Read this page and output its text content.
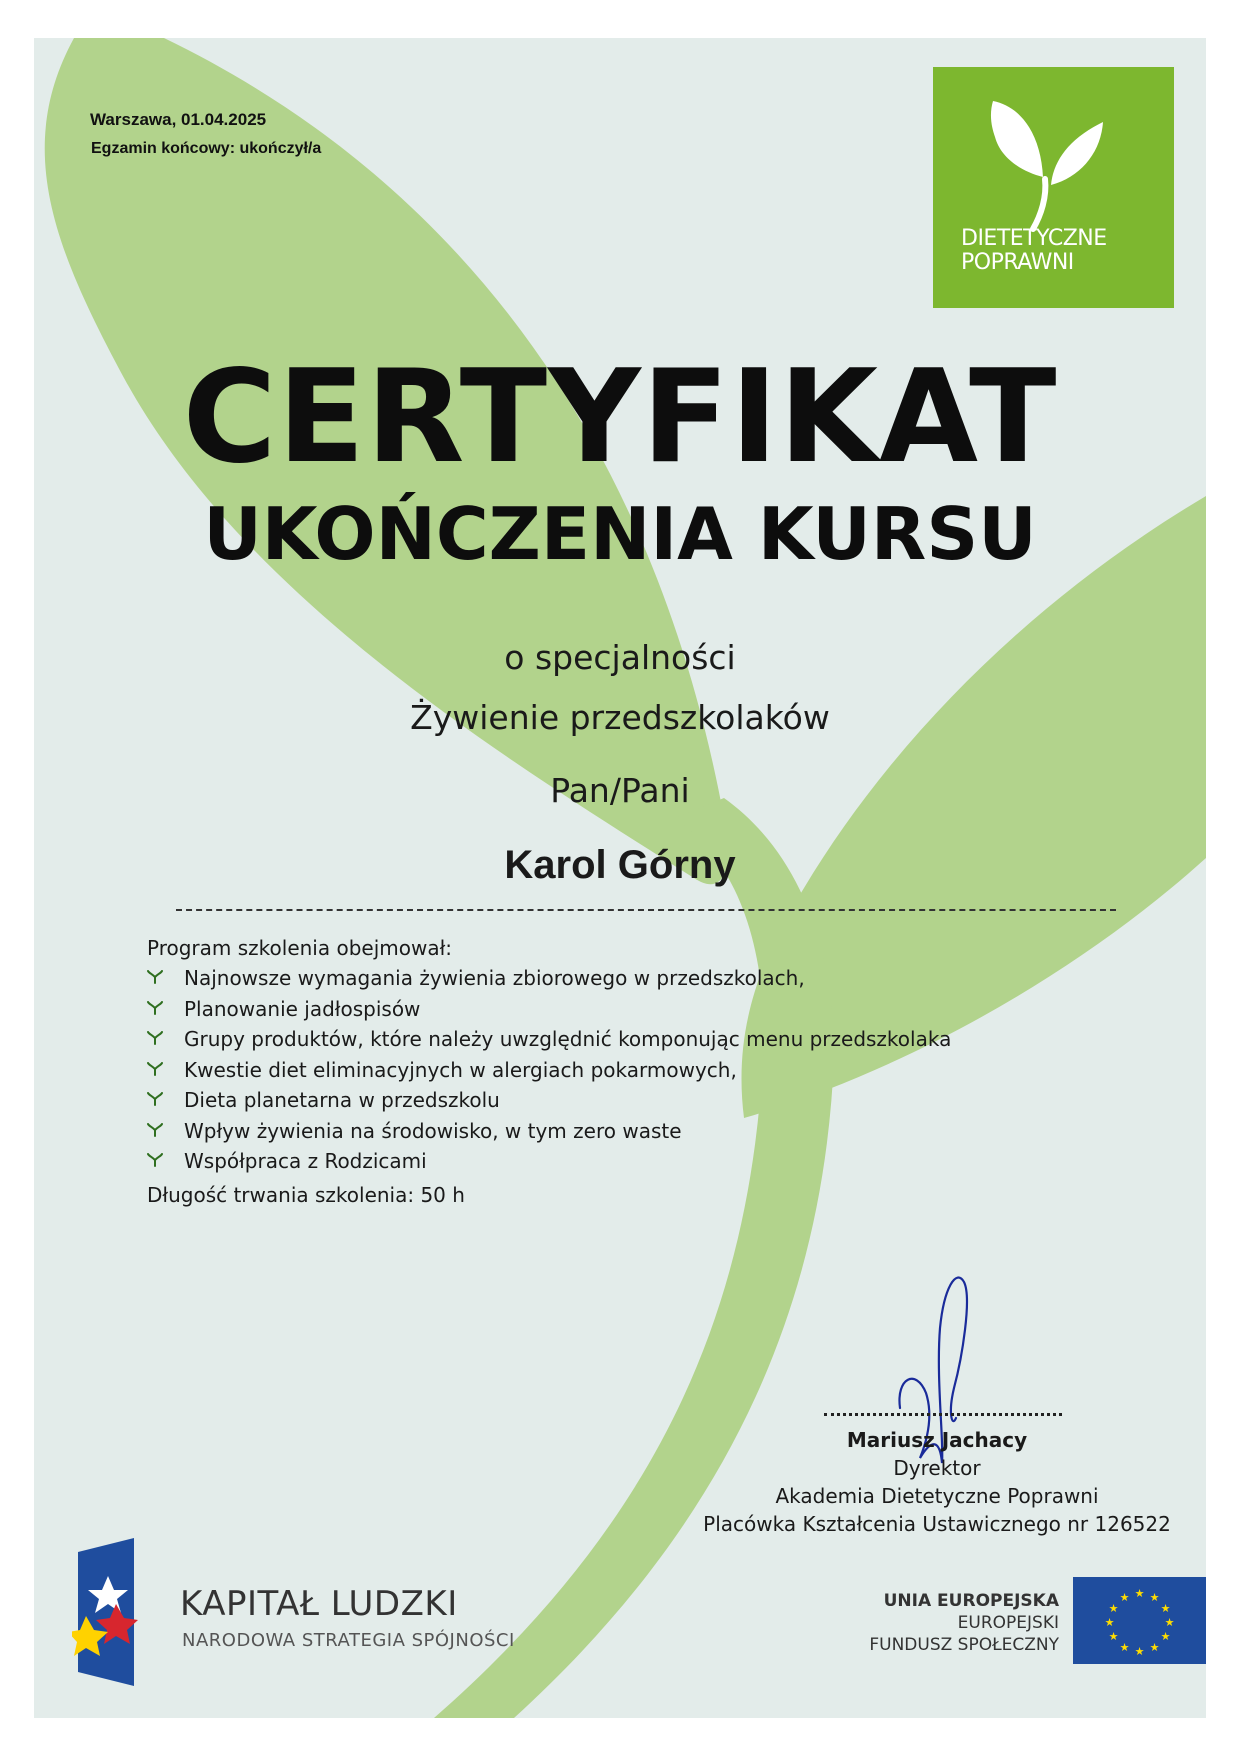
Warszawa, 01.04.2025
Egzamin końcowy: ukończył/a
DIETETYCZNE
POPRAWNI
CERTYFIKAT
UKOŃCZENIA KURSU
o specjalności
Żywienie przedszkolaków
Pan/Pani
Karol Górny
Program szkolenia obejmował:
Najnowsze wymagania żywienia zbiorowego w przedszkolach,
Planowanie jadłospisów
Grupy produktów, które należy uwzględnić komponując menu przedszkolaka
Kwestie diet eliminacyjnych w alergiach pokarmowych,
Dieta planetarna w przedszkolu
Wpływ żywienia na środowisko, w tym zero waste
Współpraca z Rodzicami
Długość trwania szkolenia: 50 h
Mariusz Jachacy
Dyrektor
Akademia Dietetyczne Poprawni
Placówka Kształcenia Ustawicznego nr 126522
KAPITAŁ LUDZKI
NARODOWA STRATEGIA SPÓJNOŚCI
UNIA EUROPEJSKA
EUROPEJSKI
FUNDUSZ SPOŁECZNY
★ ★
★
★
★
★
★
★
★
★
★
★
